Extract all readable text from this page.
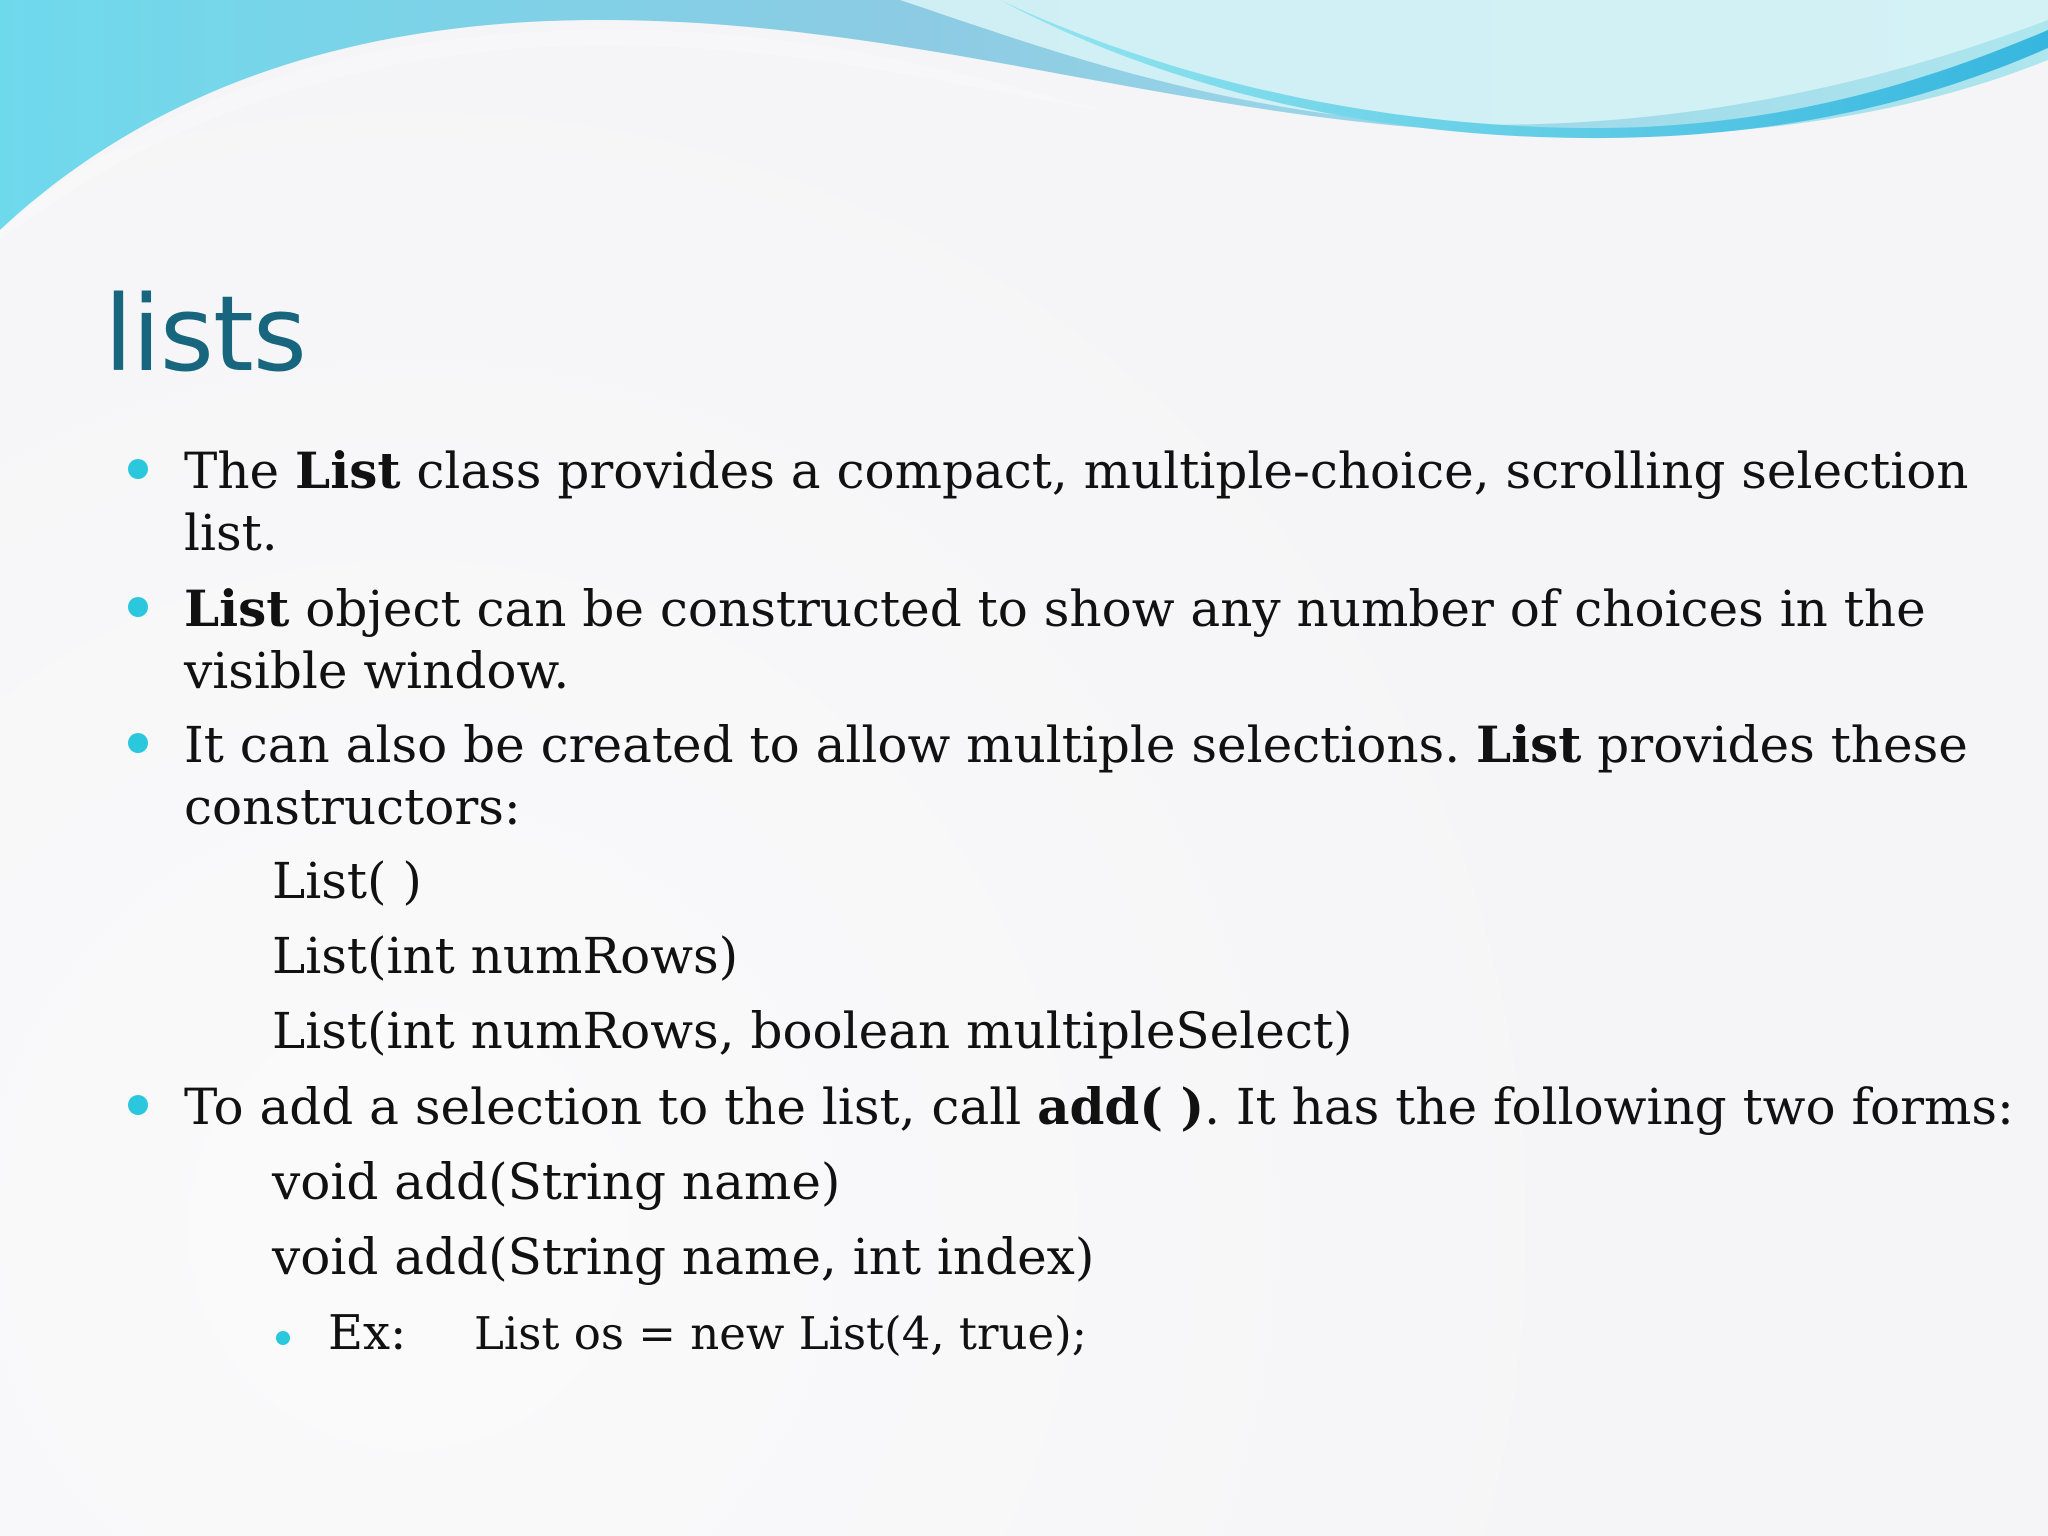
lists

The List class provides a compact, multiple-choice, scrolling selection

list.

List object can be constructed to show any number of choices in the

visible window.

It can also be created to allow multiple selections. List provides these

constructors:

List( )

List(int numRows)

List(int numRows, boolean multipleSelect)

To add a selection to the list, call add( ). It has the following two forms:

void add(String name)

void add(String name, int index)

Ex: List os = new List(4, true);
